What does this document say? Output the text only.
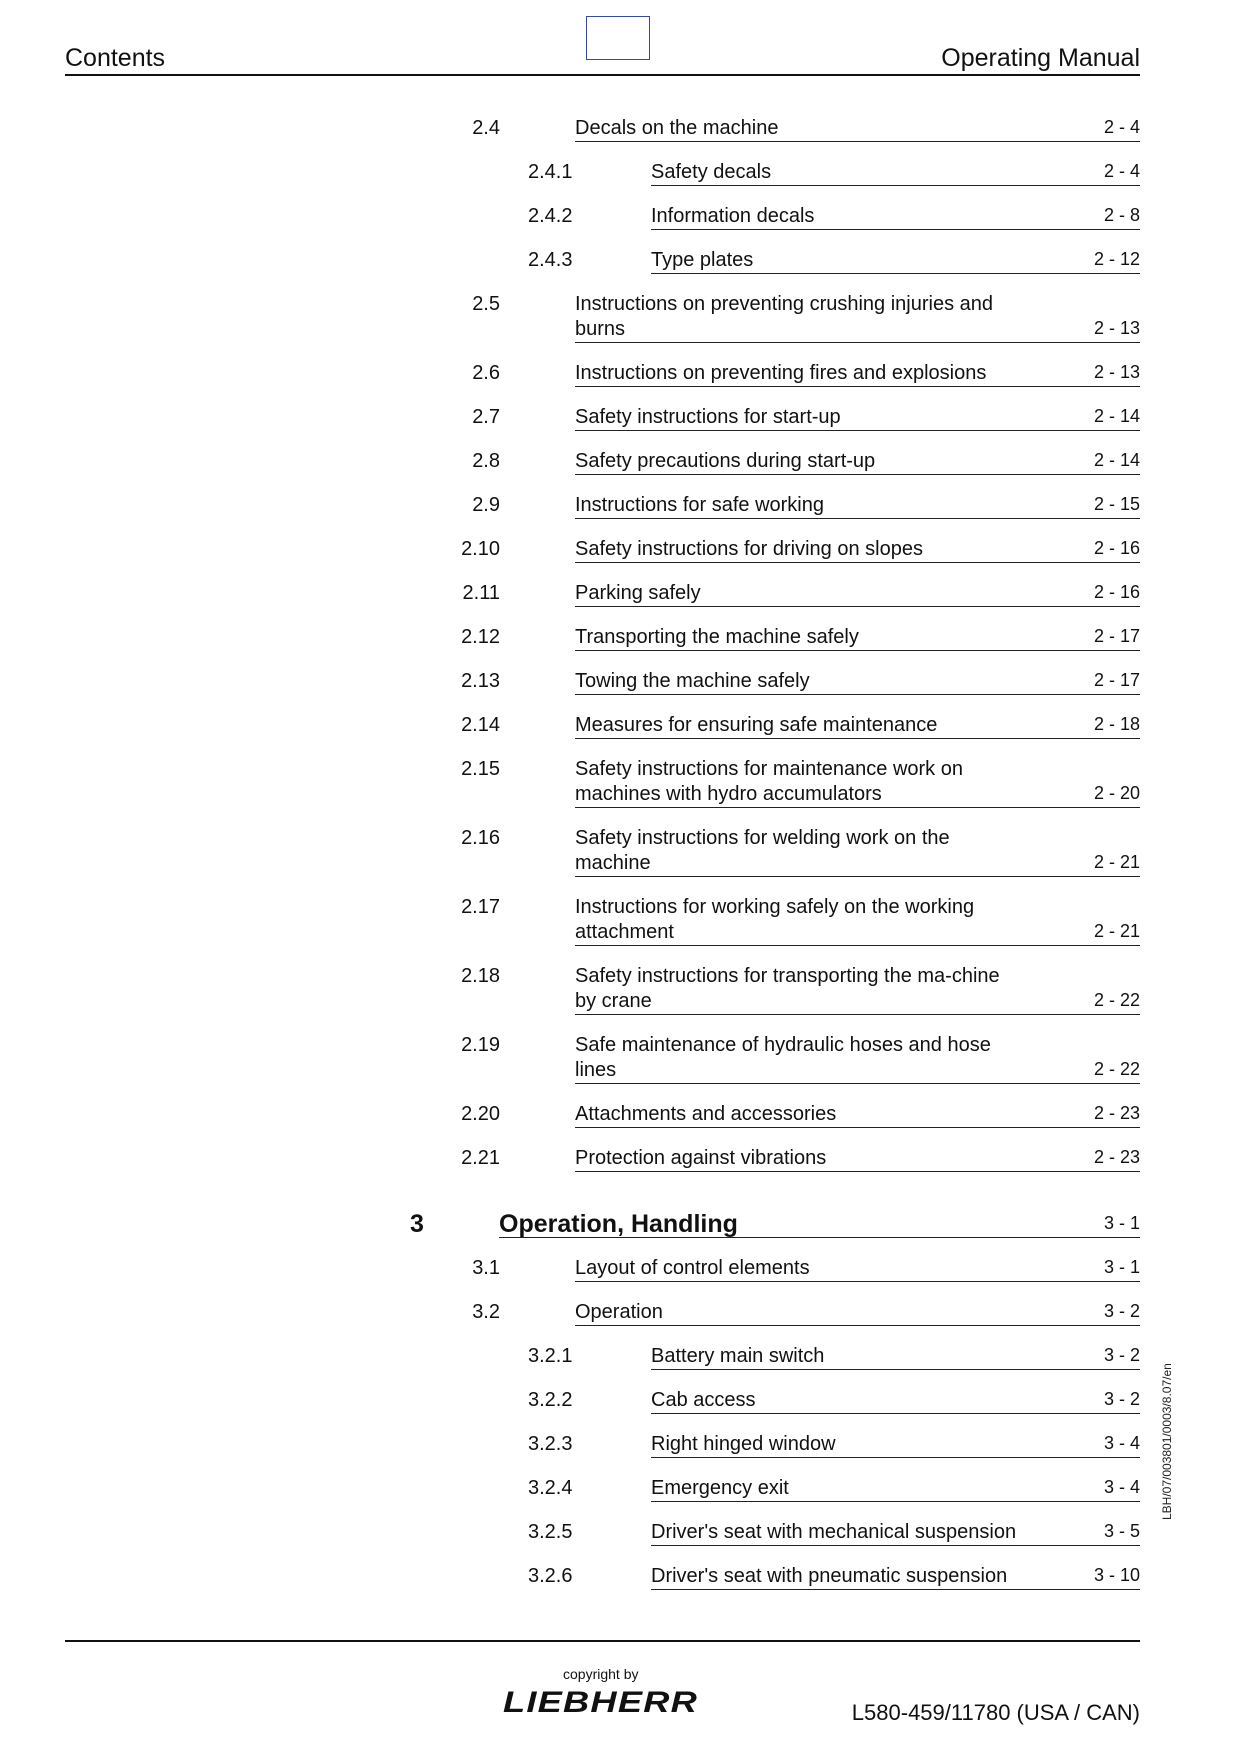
Contents	Operating Manual
2.4	Decals on the machine	2 - 4
2.4.1	Safety decals	2 - 4
2.4.2	Information decals	2 - 8
2.4.3	Type plates	2 - 12
2.5	Instructions on preventing crushing injuries and burns	2 - 13
2.6	Instructions on preventing fires and explosions	2 - 13
2.7	Safety instructions for start-up	2 - 14
2.8	Safety precautions during start-up	2 - 14
2.9	Instructions for safe working	2 - 15
2.10	Safety instructions for driving on slopes	2 - 16
2.11	Parking safely	2 - 16
2.12	Transporting the machine safely	2 - 17
2.13	Towing the machine safely	2 - 17
2.14	Measures for ensuring safe maintenance	2 - 18
2.15	Safety instructions for maintenance work on machines with hydro accumulators	2 - 20
2.16	Safety instructions for welding work on the machine	2 - 21
2.17	Instructions for working safely on the working attachment	2 - 21
2.18	Safety instructions for transporting the ma-chine by crane	2 - 22
2.19	Safe maintenance of hydraulic hoses and hose lines	2 - 22
2.20	Attachments and accessories	2 - 23
2.21	Protection against vibrations	2 - 23
3	Operation, Handling	3 - 1
3.1	Layout of control elements	3 - 1
3.2	Operation	3 - 2
3.2.1	Battery main switch	3 - 2
3.2.2	Cab access	3 - 2
3.2.3	Right hinged window	3 - 4
3.2.4	Emergency exit	3 - 4
3.2.5	Driver's seat with mechanical suspension	3 - 5
3.2.6	Driver's seat with pneumatic suspension	3 - 10
LBH/07/003801/0003/8.07/en
copyright by
LIEBHERR	L580-459/11780 (USA / CAN)
